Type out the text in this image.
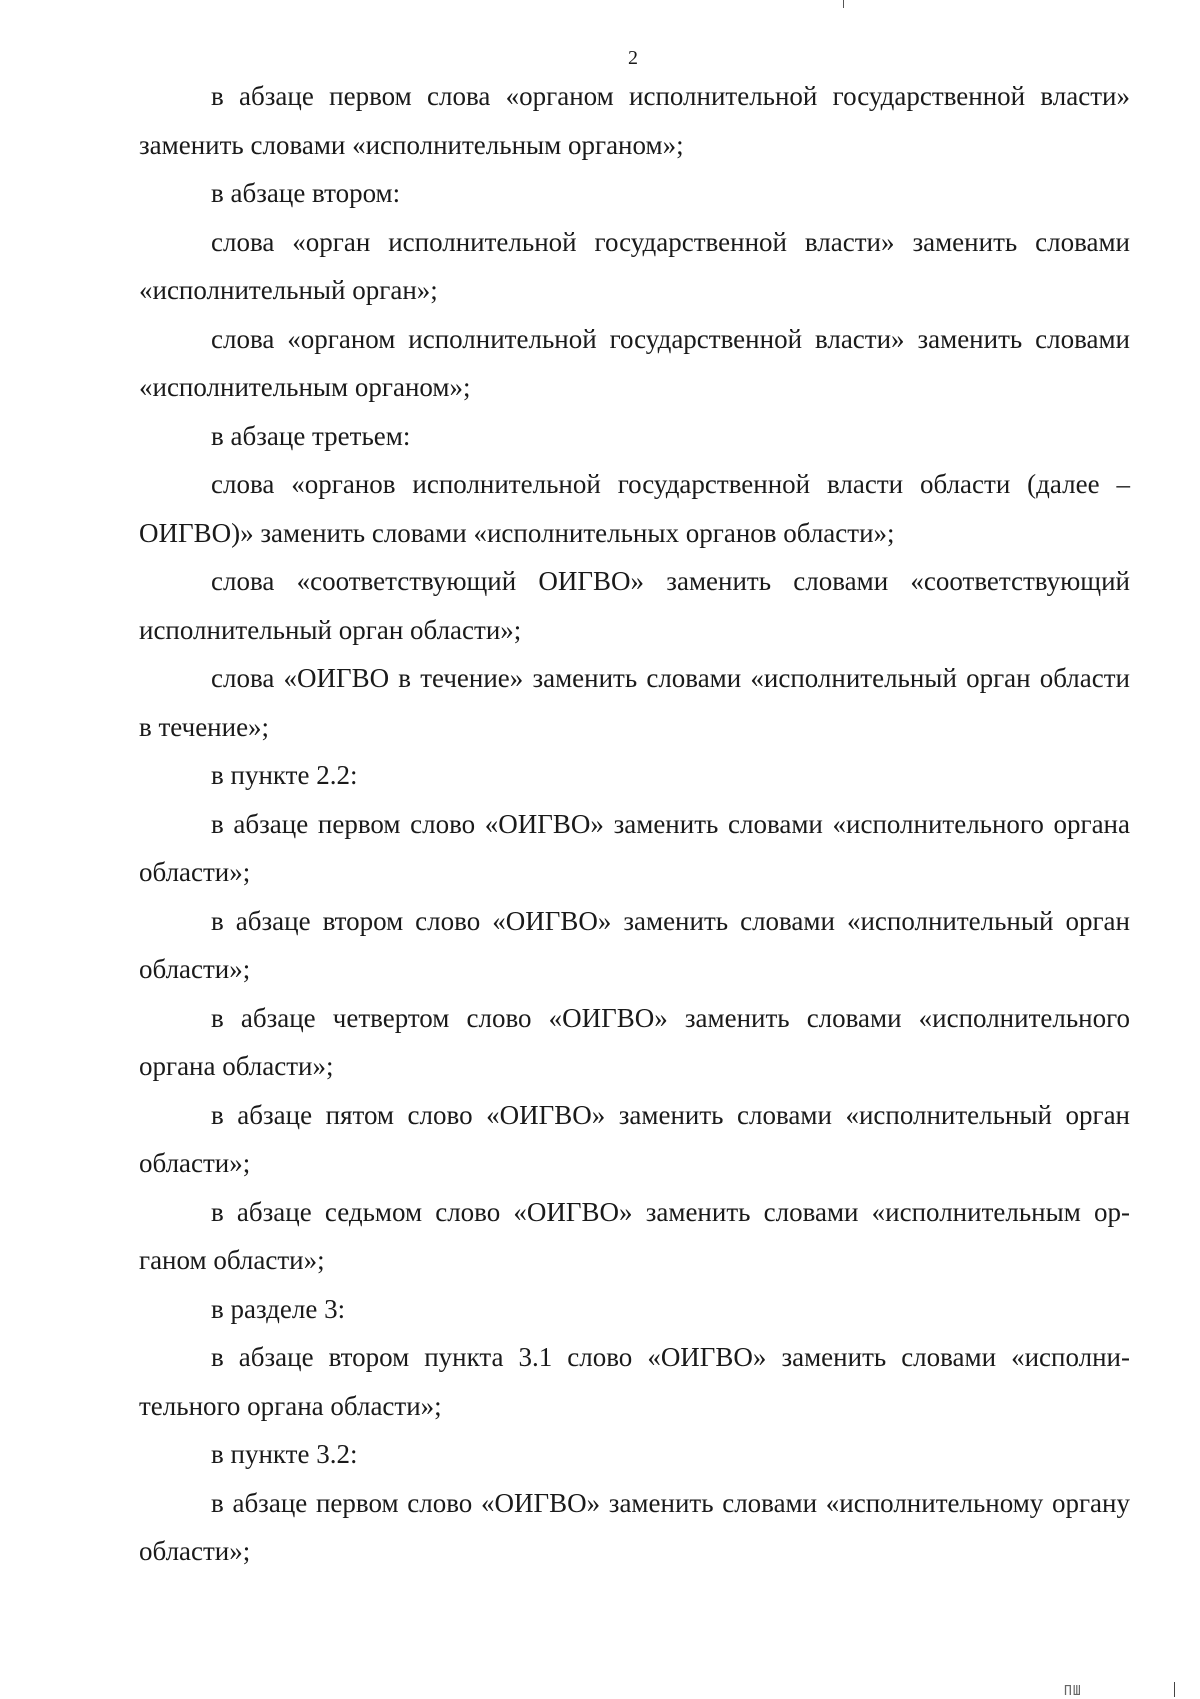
2

в абзаце первом слова «органом исполнительной государственной власти» заменить словами «исполнительным органом»;

в абзаце втором:

слова «орган исполнительной государственной власти» заменить словами «исполнительный орган»;

слова «органом исполнительной государственной власти» заменить словами «исполнительным органом»;

в абзаце третьем:

слова «органов исполнительной государственной власти области (далее – ОИГВО)» заменить словами «исполнительных органов области»;

слова «соответствующий ОИГВО» заменить словами «соответствующий исполнительный орган области»;

слова «ОИГВО в течение» заменить словами «исполнительный орган области в течение»;

в пункте 2.2:

в абзаце первом слово «ОИГВО» заменить словами «исполнительного органа области»;

в абзаце втором слово «ОИГВО» заменить словами «исполнительный орган области»;

в абзаце четвертом слово «ОИГВО» заменить словами «исполнительного органа области»;

в абзаце пятом слово «ОИГВО» заменить словами «исполнительный орган области»;

в абзаце седьмом слово «ОИГВО» заменить словами «исполнительным органом области»;

в разделе 3:

в абзаце втором пункта 3.1 слово «ОИГВО» заменить словами «исполнительного органа области»;

в пункте 3.2:

в абзаце первом слово «ОИГВО» заменить словами «исполнительному органу области»;

ПШ
